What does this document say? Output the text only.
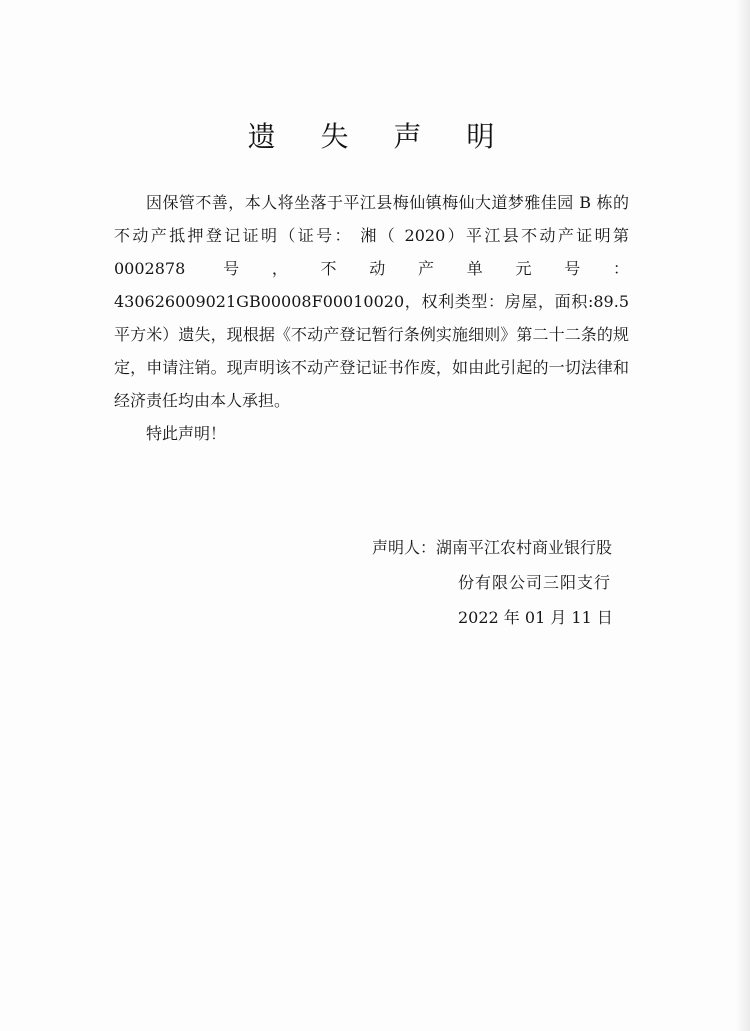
遗 失 声 明

因保管不善，本人将坐落于平江县梅仙镇梅仙大道梦雅佳园 B 栋的不动产抵押登记证明（证号： 湘（ 2020）平江县不动产证明第 0002878 号，不动产单元号： 430626009021GB00008F00010020，权利类型：房屋，面积:89.5 平方米）遗失，现根据《不动产登记暂行条例实施细则》第二十二条的规定，申请注销。现声明该不动产登记证书作废，如由此引起的一切法律和经济责任均由本人承担。

特此声明！

声明人：湖南平江农村商业银行股
份有限公司三阳支行
2022 年 01 月 11 日
